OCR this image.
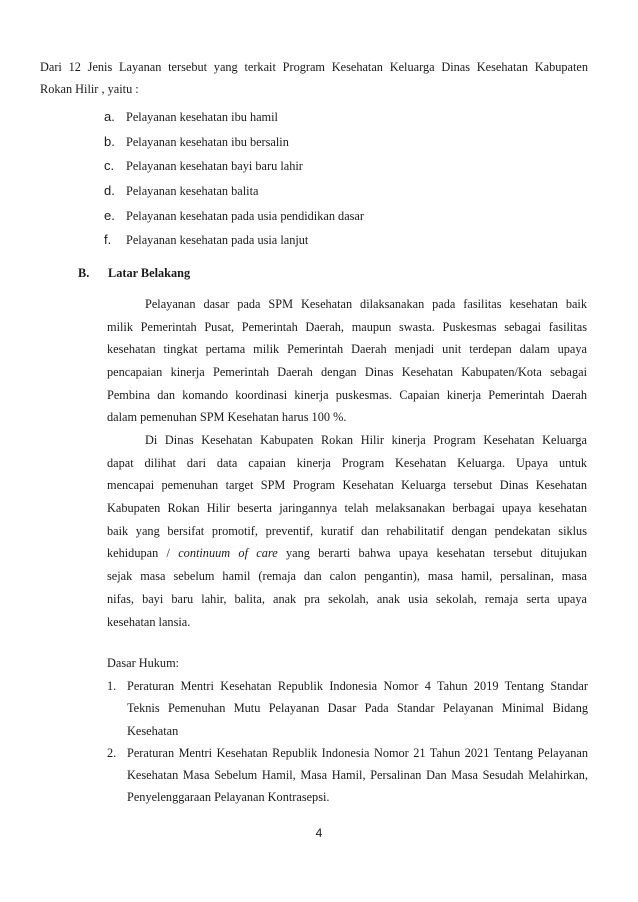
Dari 12 Jenis Layanan tersebut yang terkait Program Kesehatan Keluarga Dinas Kesehatan Kabupaten
Rokan Hilir , yaitu :
a. Pelayanan kesehatan ibu hamil
b. Pelayanan kesehatan ibu bersalin
c. Pelayanan kesehatan bayi baru lahir
d. Pelayanan kesehatan balita
e. Pelayanan kesehatan pada usia pendidikan dasar
f. Pelayanan kesehatan pada usia lanjut
B. Latar Belakang
Pelayanan dasar pada SPM Kesehatan dilaksanakan pada fasilitas kesehatan baik
milik Pemerintah Pusat, Pemerintah Daerah, maupun swasta. Puskesmas sebagai fasilitas
kesehatan tingkat pertama milik Pemerintah Daerah menjadi unit terdepan dalam upaya
pencapaian kinerja Pemerintah Daerah dengan Dinas Kesehatan Kabupaten/Kota sebagai
Pembina dan komando koordinasi kinerja puskesmas. Capaian kinerja Pemerintah Daerah
dalam pemenuhan SPM Kesehatan harus 100 %.
Di Dinas Kesehatan Kabupaten Rokan Hilir kinerja Program Kesehatan Keluarga
dapat dilihat dari data capaian kinerja Program Kesehatan Keluarga. Upaya untuk
mencapai pemenuhan target SPM Program Kesehatan Keluarga tersebut Dinas Kesehatan
Kabupaten Rokan Hilir beserta jaringannya telah melaksanakan berbagai upaya kesehatan
baik yang bersifat promotif, preventif, kuratif dan rehabilitatif dengan pendekatan siklus
kehidupan / continuum of care yang berarti bahwa upaya kesehatan tersebut ditujukan
sejak masa sebelum hamil (remaja dan calon pengantin), masa hamil, persalinan, masa
nifas, bayi baru lahir, balita, anak pra sekolah, anak usia sekolah, remaja serta upaya
kesehatan lansia.
Dasar Hukum:
1. Peraturan Mentri Kesehatan Republik Indonesia Nomor 4 Tahun 2019 Tentang Standar Teknis Pemenuhan Mutu Pelayanan Dasar Pada Standar Pelayanan Minimal Bidang Kesehatan
2. Peraturan Mentri Kesehatan Republik Indonesia Nomor 21 Tahun 2021 Tentang Pelayanan Kesehatan Masa Sebelum Hamil, Masa Hamil, Persalinan Dan Masa Sesudah Melahirkan, Penyelenggaraan Pelayanan Kontrasepsi.
4
